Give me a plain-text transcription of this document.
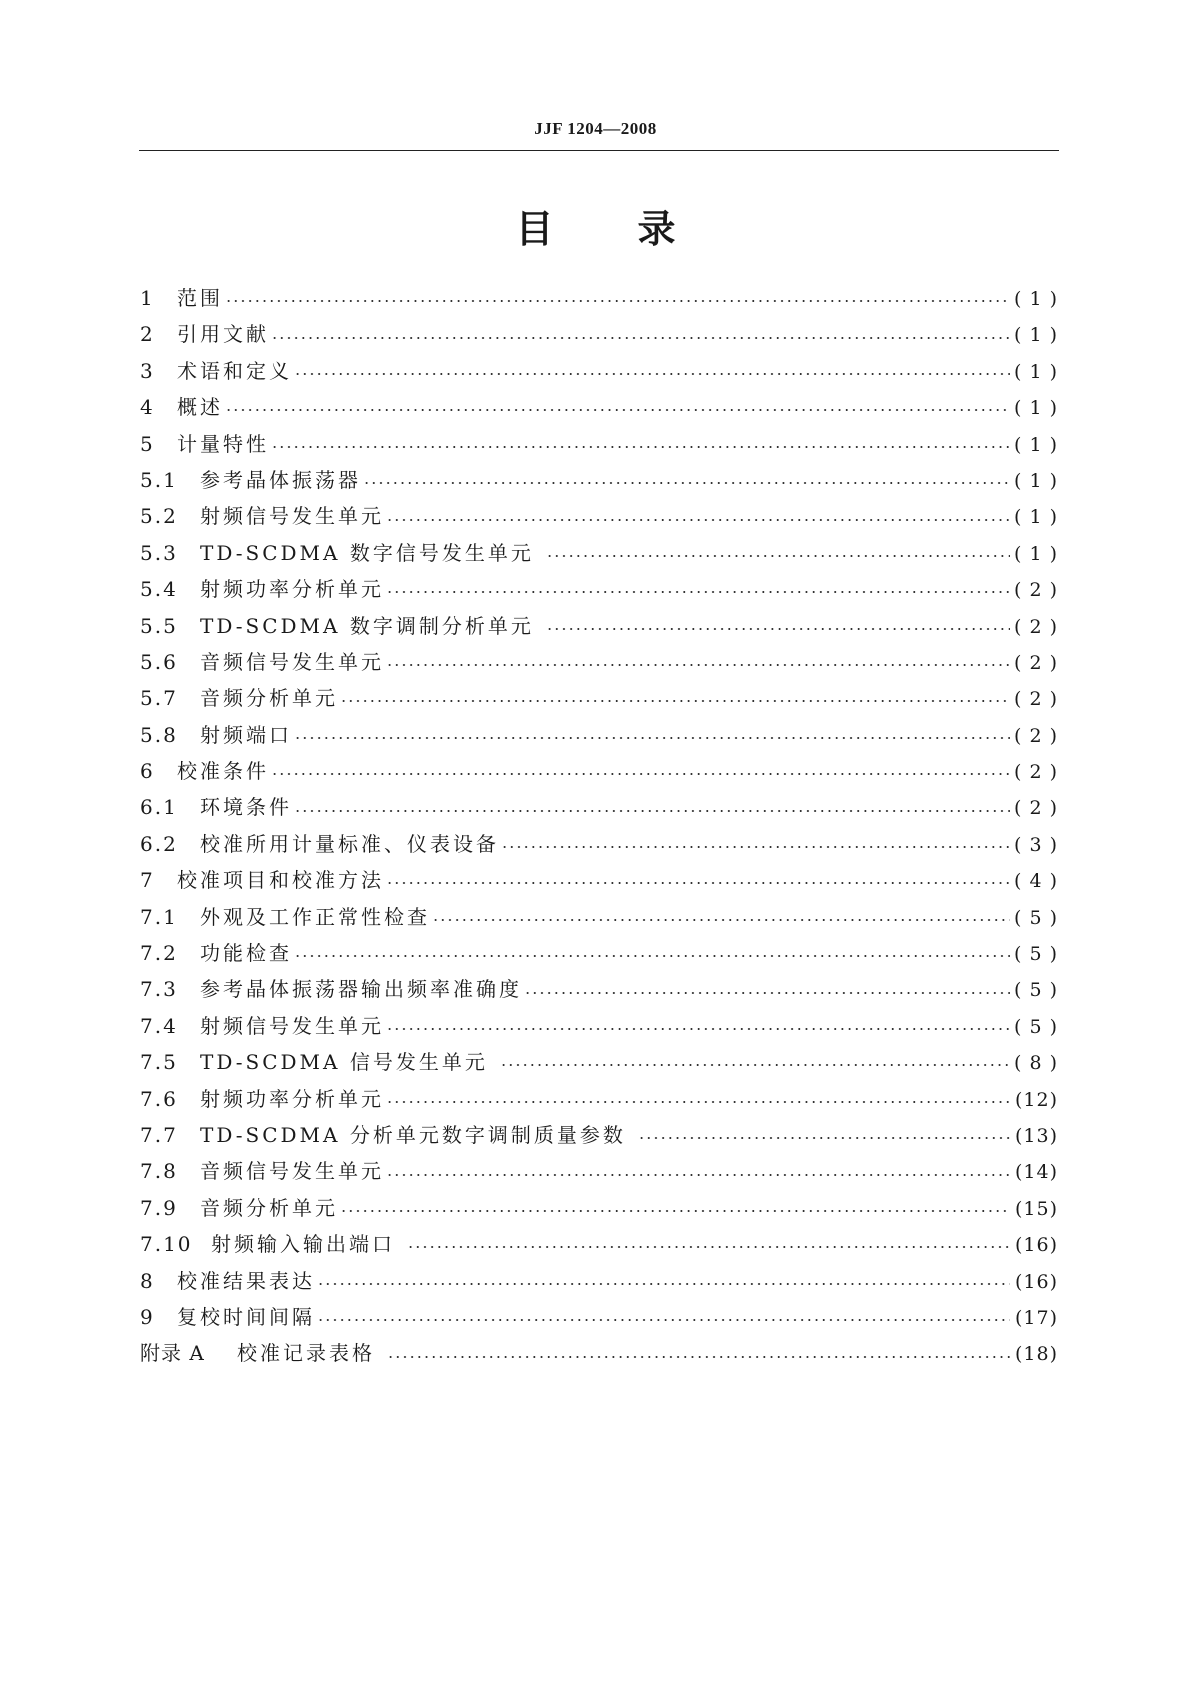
JJF 1204—2008
目 录
1	范围	( 1 )
2	引用文献	( 1 )
3	术语和定义	( 1 )
4	概述	( 1 )
5	计量特性	( 1 )
5.1	参考晶体振荡器	( 1 )
5.2	射频信号发生单元	( 1 )
5.3	TD-SCDMA 数字信号发生单元	( 1 )
5.4	射频功率分析单元	( 2 )
5.5	TD-SCDMA 数字调制分析单元	( 2 )
5.6	音频信号发生单元	( 2 )
5.7	音频分析单元	( 2 )
5.8	射频端口	( 2 )
6	校准条件	( 2 )
6.1	环境条件	( 2 )
6.2	校准所用计量标准、仪表设备	( 3 )
7	校准项目和校准方法	( 4 )
7.1	外观及工作正常性检查	( 5 )
7.2	功能检查	( 5 )
7.3	参考晶体振荡器输出频率准确度	( 5 )
7.4	射频信号发生单元	( 5 )
7.5	TD-SCDMA 信号发生单元	( 8 )
7.6	射频功率分析单元	(12)
7.7	TD-SCDMA 分析单元数字调制质量参数	(13)
7.8	音频信号发生单元	(14)
7.9	音频分析单元	(15)
7.10 射频输入输出端口	(16)
8	校准结果表达	(16)
9	复校时间间隔	(17)
附录 A	校准记录表格	(18)
